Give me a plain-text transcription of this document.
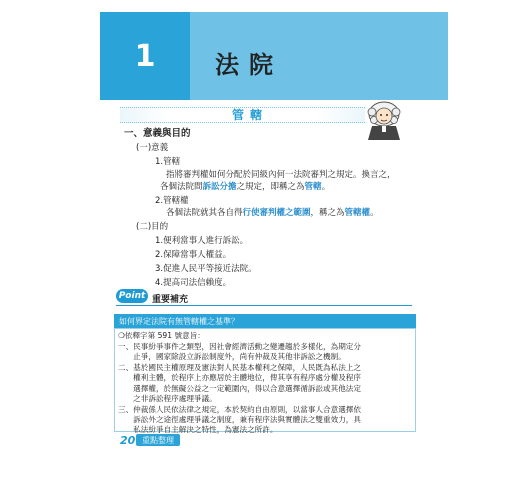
1 法院
管轄
一、意義與目的
(一)意義
1.管轄
指將審判權如何分配於同級內何一法院審判之規定。換言之，
各個法院間訴訟分擔之規定，即稱之為管轄。
2.管轄權
各個法院就其各自得行使審判權之範圍，稱之為管轄權。
(二)目的
1.便利當事人進行訴訟。
2.保障當事人權益。
3.促進人民平等接近法院。
4.提高司法信賴度。
Point 重要補充
如何界定法院有無管轄權之基準？
❍依釋字第 591 號意旨：
一、民事紛爭事件之類型，因社會經濟活動之變遷趨於多樣化，為期定分
　　止爭，國家除設立訴訟制度外，尚有仲裁及其他非訴訟之機制。
二、基於國民主權原理及憲法對人民基本權利之保障，人民既為私法上之
　　權利主體，於程序上亦應居於主體地位，俾其享有程序處分權及程序
　　選擇權，於無礙公益之一定範圍內，得以合意選擇循訴訟或其他法定
　　之非訴訟程序處理爭議。
三、仲裁係人民依法律之規定，本於契約自由原則，以當事人合意選擇依
　　訴訟外之途徑處理爭議之制度，兼有程序法與實體法之雙重效力，具
　　私法紛爭自主解決之特性，為憲法之所許。
20 重點整理
